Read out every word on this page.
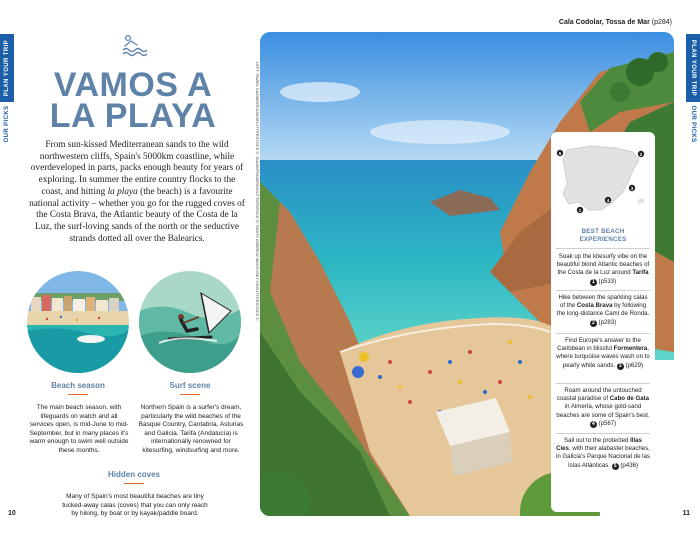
PLAN YOUR TRIP
OUR PICKS
PLAN YOUR TRIP
OUR PICKS
VAMOS A
LA PLAYA

From sun-kissed Mediterranean sands to the wild northwestern cliffs, Spain's 5000km coastline, while overdeveloped in parts, packs enough beauty for years of exploring. In summer the entire country flocks to the coast, and hitting la playa (the beach) is a favourite national activity – whether you go for the rugged coves of the Costa Brava, the Atlantic beauty of the Costa de la Luz, the surf-loving sands of the north or the seductive strands dotted all over the Balearics.

Beach season
The main beach season, with lifeguards on watch and all services open, is mid-June to mid-September, but in many places it's warm enough to swim well outside these months.
Surf scene
Northern Spain is a surfer's dream, particularly the wild beaches of the Basque Country, Cantabria, Asturias and Galicia. Tarifa (Andalucía) is internationally renowned for kitesurfing, windsurfing and more.
Hidden coves
Many of Spain's most beautiful beaches are tiny tucked-away calas (coves) that you can only reach by hiking, by boat or by kayak/paddle board.
10
Cala Codolar, Tossa de Mar (p284)
LEFT: PAWEL KAZMIERCZAK/SHUTTERSTOCK ©, DIANAFRASER/SHUTTERSTOCK ©; RIGHT: ANDREW MAYOVSKYY/SHUTTERSTOCK ©	5	2
3
4
1
BEST BEACH
EXPERIENCES
Soak up the kitesurfy vibe on the beautiful blond Atlantic beaches of the Costa de la Luz around Tarifa 1 (p533)
Hike between the sparkling calas of the Costa Brava by following the long-distance Camí de Ronda. 2 (p283)
Find Europe's answer to the Caribbean in blissful Formentera, where turquoise waves wash on to pearly white sands. 3 (p629)
Roam around the untouched coastal paradise of Cabo de Gata in Almería, whose gold-sand beaches are some of Spain's best. 4 (p567)
Sail out to the protected Illas Cíes, with their alabaster beaches, in Galicia's Parque Nacional de las Islas Atlánticas. 5 (p436)
11
